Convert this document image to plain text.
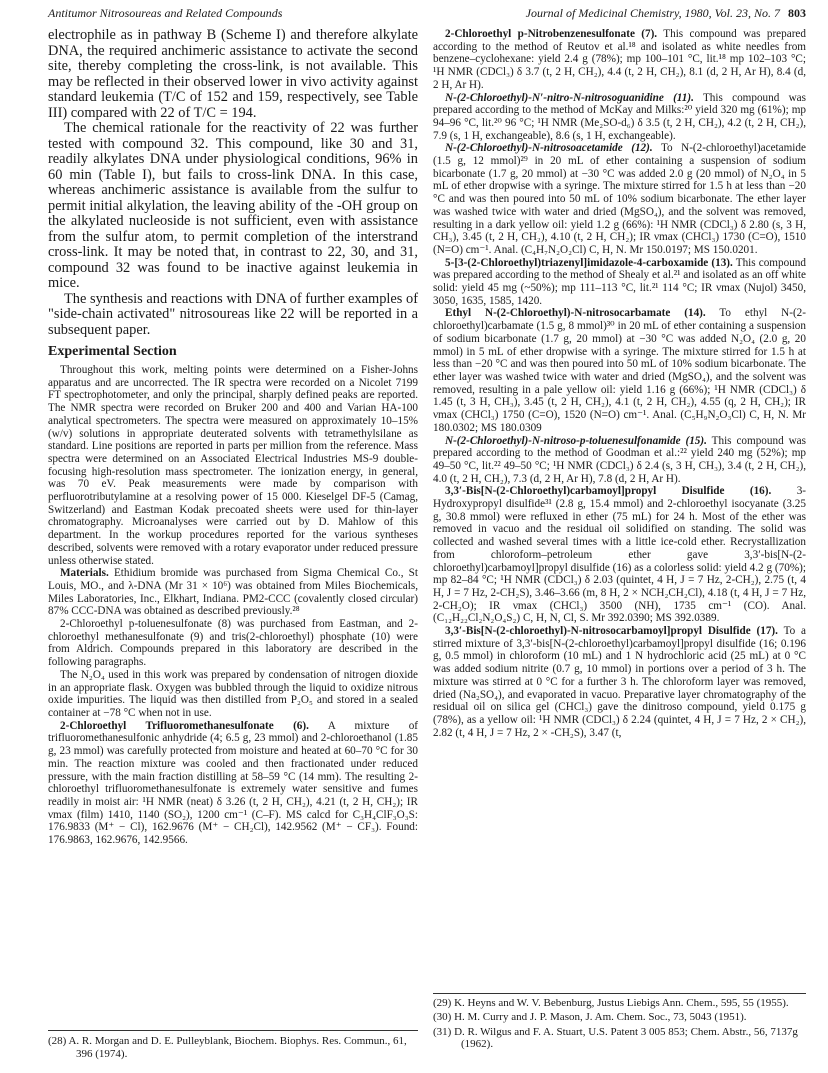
Antitumor Nitrosoureas and Related Compounds	Journal of Medicinal Chemistry, 1980, Vol. 23, No. 7 803

electrophile as in pathway B (Scheme I) and therefore alkylate DNA, the required anchimeric assistance to activate the second site, thereby completing the cross-link, is not available. This may be reflected in their observed lower in vivo activity against standard leukemia (T/C of 152 and 159, respectively, see Table III) compared with 22 of T/C = 194.

The chemical rationale for the reactivity of 22 was further tested with compound 32. This compound, like 30 and 31, readily alkylates DNA under physiological conditions, 96% in 60 min (Table I), but fails to cross-link DNA. In this case, whereas anchimeric assistance is available from the sulfur to permit initial alkylation, the leaving ability of the -OH group on the alkylated nucleoside is not sufficient, even with assistance from the sulfur atom, to permit completion of the interstrand cross-link. It may be noted that, in contrast to 22, 30, and 31, compound 32 was found to be inactive against leukemia in mice.

The synthesis and reactions with DNA of further examples of "side-chain activated" nitrosoureas like 22 will be reported in a subsequent paper.

Experimental Section

Throughout this work, melting points were determined on a Fisher-Johns apparatus and are uncorrected. The IR spectra were recorded on a Nicolet 7199 FT spectrophotometer, and only the principal, sharply defined peaks are reported. The NMR spectra were recorded on Bruker 200 and 400 and Varian HA-100 analytical spectrometers. The spectra were measured on approximately 10–15% (w/v) solutions in appropriate deuterated solvents with tetramethylsilane as standard. Line positions are reported in parts per million from the reference. Mass spectra were determined on an Associated Electrical Industries MS-9 double-focusing high-resolution mass spectrometer. The ionization energy, in general, was 70 eV. Peak measurements were made by comparison with perfluorotributylamine at a resolving power of 15 000. Kieselgel DF-5 (Camag, Switzerland) and Eastman Kodak precoated sheets were used for thin-layer chromatography. Microanalyses were carried out by D. Mahlow of this department. In the workup procedures reported for the various syntheses described, solvents were removed with a rotary evaporator under reduced pressure unless otherwise stated.

Materials. Ethidium bromide was purchased from Sigma Chemical Co., St Louis, MO., and λ-DNA (Mr 31 × 10⁶) was obtained from Miles Biochemicals, Miles Laboratories, Inc., Elkhart, Indiana. PM2-CCC (covalently closed circular) 87% CCC-DNA was obtained as described previously.²⁸

2-Chloroethyl p-toluenesulfonate (8) was purchased from Eastman, and 2-chloroethyl methanesulfonate (9) and tris(2-chloroethyl) phosphate (10) were from Aldrich. Compounds prepared in this laboratory are described in the following paragraphs.

The N₂O₄ used in this work was prepared by condensation of nitrogen dioxide in an appropriate flask. Oxygen was bubbled through the liquid to oxidize nitrous oxide impurities. The liquid was then distilled from P₂O₅ and stored in a sealed container at −78 °C when not in use.

2-Chloroethyl Trifluoromethanesulfonate (6). A mixture of trifluoromethanesulfonic anhydride (4; 6.5 g, 23 mmol) and 2-chloroethanol (1.85 g, 23 mmol) was carefully protected from moisture and heated at 60–70 °C for 30 min. The reaction mixture was cooled and then fractionated under reduced pressure, with the main fraction distilling at 58–59 °C (14 mm). The resulting 2-chloroethyl trifluoromethanesulfonate is extremely water sensitive and fumes readily in moist air: ¹H NMR (neat) δ 3.26 (t, 2 H, CH₂), 4.21 (t, 2 H, CH₂); IR νmax (film) 1410, 1140 (SO₂), 1200 cm⁻¹ (C–F). MS calcd for C₃H₄ClF₃O₃S: 176.9833 (M⁺ − Cl), 162.9676 (M⁺ − CH₂Cl), 142.9562 (M⁺ − CF₃). Found: 176.9863, 162.9676, 142.9566.

2-Chloroethyl p-Nitrobenzenesulfonate (7). This compound was prepared according to the method of Reutov et al.¹⁸ and isolated as white needles from benzene–cyclohexane: yield 2.4 g (78%); mp 100–101 °C, lit.¹⁸ mp 102–103 °C; ¹H NMR (CDCl₃) δ 3.7 (t, 2 H, CH₂), 4.4 (t, 2 H, CH₂), 8.1 (d, 2 H, Ar H), 8.4 (d, 2 H, Ar H).

N-(2-Chloroethyl)-N′-nitro-N-nitrosoguanidine (11). This compound was prepared according to the method of McKay and Milks:²⁰ yield 320 mg (61%); mp 94–96 °C, lit.²⁰ 96 °C; ¹H NMR (Me₂SO-d₆) δ 3.5 (t, 2 H, CH₂), 4.2 (t, 2 H, CH₂), 7.9 (s, 1 H, exchangeable), 8.6 (s, 1 H, exchangeable).

N-(2-Chloroethyl)-N-nitrosoacetamide (12). To N-(2-chloroethyl)acetamide (1.5 g, 12 mmol)²⁹ in 20 mL of ether containing a suspension of sodium bicarbonate (1.7 g, 20 mmol) at −30 °C was added 2.0 g (20 mmol) of N₂O₄ in 5 mL of ether dropwise with a syringe. The mixture stirred for 1.5 h at less than −20 °C and was then poured into 50 mL of 10% sodium bicarbonate. The ether layer was washed twice with water and dried (MgSO₄), and the solvent was removed, resulting in a dark yellow oil: yield 1.2 g (66%): ¹H NMR (CDCl₃) δ 2.80 (s, 3 H, CH₃), 3.45 (t, 2 H, CH₂), 4.10 (t, 2 H, CH₂); IR νmax (CHCl₃) 1730 (C=O), 1510 (N=O) cm⁻¹. Anal. (C₄H₇N₂O₂Cl) C, H, N. Mr 150.0197; MS 150.0201.

5-[3-(2-Chloroethyl)triazenyl]imidazole-4-carboxamide (13). This compound was prepared according to the method of Shealy et al.²¹ and isolated as an off white solid: yield 45 mg (~50%); mp 111–113 °C, lit.²¹ 114 °C; IR νmax (Nujol) 3450, 3050, 1635, 1585, 1420.

Ethyl N-(2-Chloroethyl)-N-nitrosocarbamate (14). To ethyl N-(2-chloroethyl)carbamate (1.5 g, 8 mmol)³⁰ in 20 mL of ether containing a suspension of sodium bicarbonate (1.7 g, 20 mmol) at −30 °C was added N₂O₄ (2.0 g, 20 mmol) in 5 mL of ether dropwise with a syringe. The mixture stirred for 1.5 h at less than −20 °C and was then poured into 50 mL of 10% sodium bicarbonate. The ether layer was washed twice with water and dried (MgSO₄), and the solvent was removed, resulting in a pale yellow oil: yield 1.16 g (66%); ¹H NMR (CDCl₃) δ 1.45 (t, 3 H, CH₃), 3.45 (t, 2 H, CH₂), 4.1 (t, 2 H, CH₂), 4.55 (q, 2 H, CH₂); IR νmax (CHCl₃) 1750 (C=O), 1520 (N=O) cm⁻¹. Anal. (C₅H₉N₂O₃Cl) C, H, N. Mr 180.0302; MS 180.0309

N-(2-Chloroethyl)-N-nitroso-p-toluenesulfonamide (15). This compound was prepared according to the method of Goodman et al.:²² yield 240 mg (52%); mp 49–50 °C, lit.²² 49–50 °C; ¹H NMR (CDCl₃) δ 2.4 (s, 3 H, CH₃), 3.4 (t, 2 H, CH₂), 4.0 (t, 2 H, CH₂), 7.3 (d, 2 H, Ar H), 7.8 (d, 2 H, Ar H).

3,3′-Bis[N-(2-Chloroethyl)carbamoyl]propyl Disulfide (16). 3-Hydroxypropyl disulfide³¹ (2.8 g, 15.4 mmol) and 2-chloroethyl isocyanate (3.25 g, 30.8 mmol) were refluxed in ether (75 mL) for 24 h. Most of the ether was removed in vacuo and the residual oil solidified on standing. The solid was collected and washed several times with a little ice-cold ether. Recrystallization from chloroform–petroleum ether gave 3,3′-bis[N-(2-chloroethyl)carbamoyl]propyl disulfide (16) as a colorless solid: yield 4.2 g (70%); mp 82–84 °C; ¹H NMR (CDCl₃) δ 2.03 (quintet, 4 H, J = 7 Hz, 2-CH₂), 2.75 (t, 4 H, J = 7 Hz, 2-CH₂S), 3.46–3.66 (m, 8 H, 2 × NCH₂CH₂Cl), 4.18 (t, 4 H, J = 7 Hz, 2-CH₂O); IR νmax (CHCl₃) 3500 (NH), 1735 cm⁻¹ (CO). Anal. (C₁₂H₂₂Cl₂N₂O₄S₂) C, H, N, Cl, S. Mr 392.0390; MS 392.0389.

3,3′-Bis[N-(2-chloroethyl)-N-nitrosocarbamoyl]propyl Disulfide (17). To a stirred mixture of 3,3′-bis[N-(2-chloroethyl)carbamoyl]propyl disulfide (16; 0.196 g, 0.5 mmol) in chloroform (10 mL) and 1 N hydrochloric acid (25 mL) at 0 °C was added sodium nitrite (0.7 g, 10 mmol) in portions over a period of 3 h. The mixture was stirred at 0 °C for a further 3 h. The chloroform layer was removed, dried (Na₂SO₄), and evaporated in vacuo. Preparative layer chromatography of the residual oil on silica gel (CHCl₃) gave the dinitroso compound, yield 0.175 g (78%), as a yellow oil: ¹H NMR (CDCl₃) δ 2.24 (quintet, 4 H, J = 7 Hz, 2 × CH₂), 2.82 (t, 4 H, J = 7 Hz, 2 × -CH₂S), 3.47 (t,

(28) A. R. Morgan and D. E. Pulleyblank, Biochem. Biophys. Res. Commun., 61, 396 (1974).

(29) K. Heyns and W. V. Bebenburg, Justus Liebigs Ann. Chem., 595, 55 (1955).

(30) H. M. Curry and J. P. Mason, J. Am. Chem. Soc., 73, 5043 (1951).

(31) D. R. Wilgus and F. A. Stuart, U.S. Patent 3 005 853; Chem. Abstr., 56, 7137g (1962).
